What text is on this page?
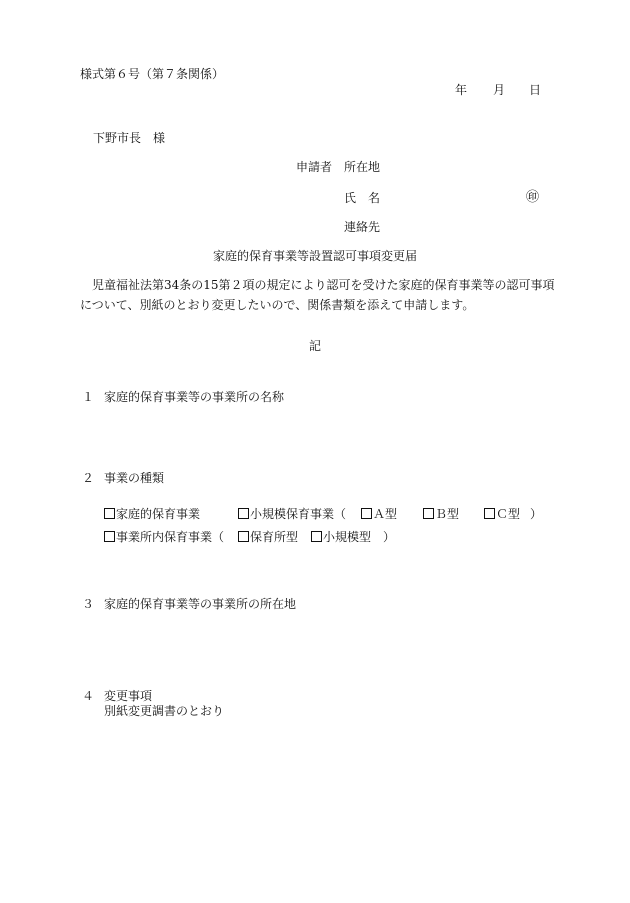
様式第６号（第７条関係）
年 月 日
下野市長　様
申請者 所在地
氏　名	㊞
連絡先
家庭的保育事業等設置認可事項変更届
児童福祉法第34条の15第２項の規定により認可を受けた家庭的保育事業等の認可事項について、別紙のとおり変更したいので、関係書類を添えて申請します。
記
１ 家庭的保育事業等の事業所の名称
２ 事業の種類
家庭的保育事業	小規模保育事業（	Ａ型	Ｂ型	Ｃ型 ）
事業所内保育事業（	保育所型	小規模型 ）
３ 家庭的保育事業等の事業所の所在地
４ 変更事項
別紙変更調書のとおり
